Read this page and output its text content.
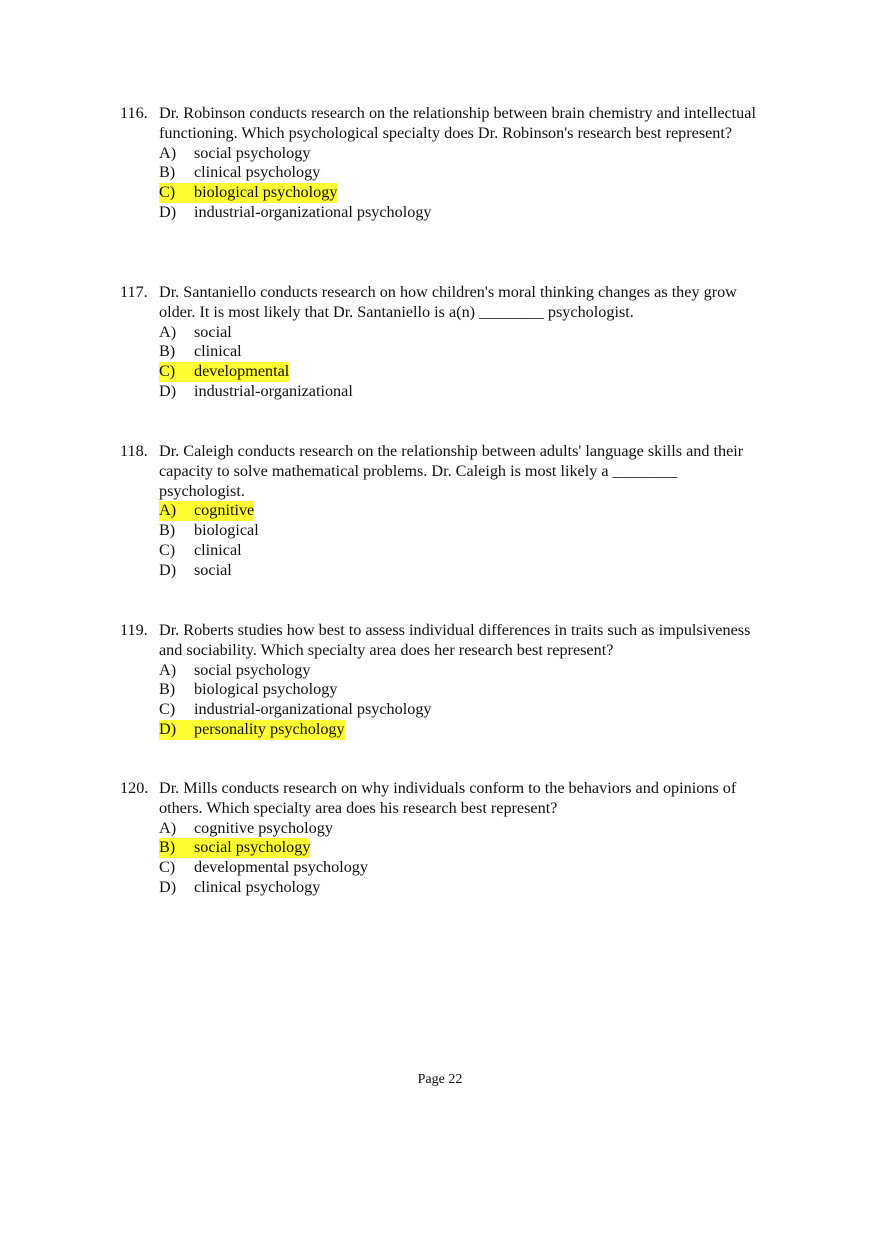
116. Dr. Robinson conducts research on the relationship between brain chemistry and intellectual functioning. Which psychological specialty does Dr. Robinson's research best represent?
A) social psychology
B) clinical psychology
C) biological psychology
D) industrial-organizational psychology
117. Dr. Santaniello conducts research on how children's moral thinking changes as they grow older. It is most likely that Dr. Santaniello is a(n) ________ psychologist.
A) social
B) clinical
C) developmental
D) industrial-organizational
118. Dr. Caleigh conducts research on the relationship between adults' language skills and their capacity to solve mathematical problems. Dr. Caleigh is most likely a ________ psychologist.
A) cognitive
B) biological
C) clinical
D) social
119. Dr. Roberts studies how best to assess individual differences in traits such as impulsiveness and sociability. Which specialty area does her research best represent?
A) social psychology
B) biological psychology
C) industrial-organizational psychology
D) personality psychology
120. Dr. Mills conducts research on why individuals conform to the behaviors and opinions of others. Which specialty area does his research best represent?
A) cognitive psychology
B) social psychology
C) developmental psychology
D) clinical psychology
Page 22
